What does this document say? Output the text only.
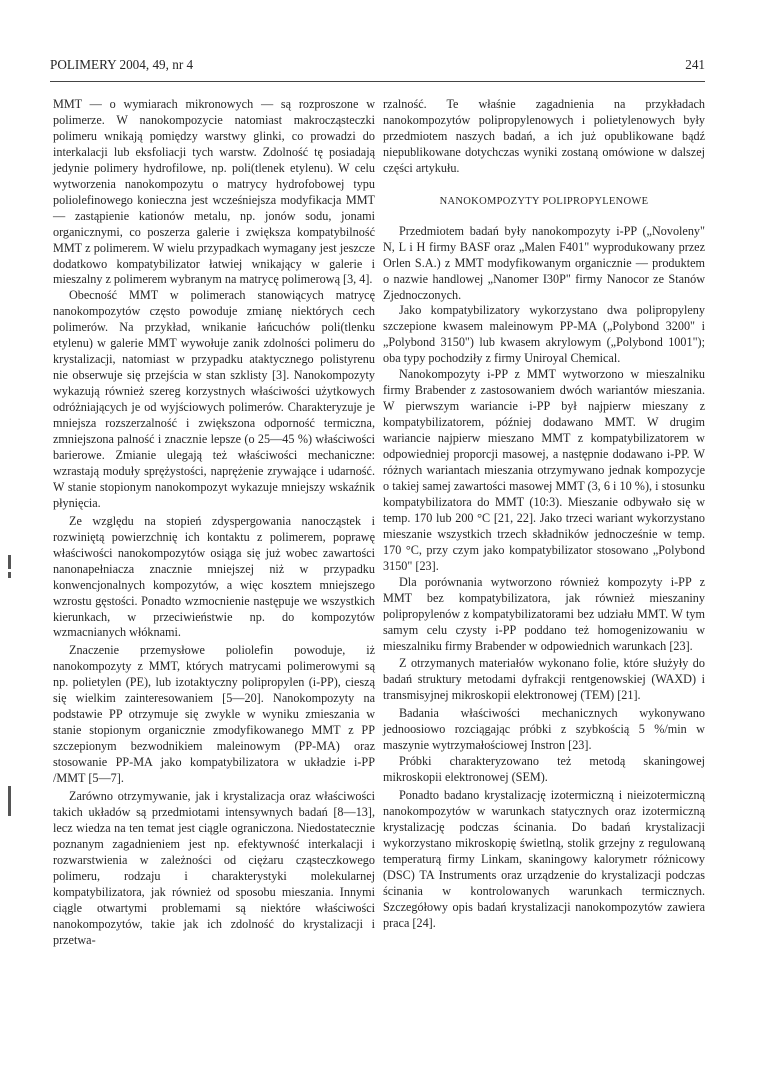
POLIMERY 2004, 49, nr 4	241

MMT — o wymiarach mikronowych — są rozproszone w polimerze. W nanokompozycie natomiast makrocząsteczki polimeru wnikają pomiędzy warstwy glinki, co prowadzi do interkalacji lub eksfoliacji tych warstw. Zdolność tę posiadają jedynie polimery hydrofilowe, np. poli(tlenek etylenu). W celu wytworzenia nanokompozytu o matrycy hydrofobowej typu poliolefinowego konieczna jest wcześniejsza modyfikacja MMT — zastąpienie kationów metalu, np. jonów sodu, jonami organicznymi, co poszerza galerie i zwiększa kompatybilność MMT z polimerem. W wielu przypadkach wymagany jest jeszcze dodatkowo kompatybilizator łatwiej wnikający w galerie i mieszalny z polimerem wybranym na matrycę polimerową [3, 4].

Obecność MMT w polimerach stanowiących matrycę nanokompozytów często powoduje zmianę niektórych cech polimerów. Na przykład, wnikanie łańcuchów poli(tlenku etylenu) w galerie MMT wywołuje zanik zdolności polimeru do krystalizacji, natomiast w przypadku ataktycznego polistyrenu nie obserwuje się przejścia w stan szklisty [3]. Nanokompozyty wykazują również szereg korzystnych właściwości użytkowych odróżniających je od wyjściowych polimerów. Charakteryzuje je mniejsza rozszerzalność i zwiększona odporność termiczna, zmniejszona palność i znacznie lepsze (o 25—45 %) właściwości barierowe. Zmianie ulegają też właściwości mechaniczne: wzrastają moduły sprężystości, naprężenie zrywające i udarność. W stanie stopionym nanokompozyt wykazuje mniejszy wskaźnik płynięcia.

Ze względu na stopień zdyspergowania nanocząstek i rozwiniętą powierzchnię ich kontaktu z polimerem, poprawę właściwości nanokompozytów osiąga się już wobec zawartości nanonapełniacza znacznie mniejszej niż w przypadku konwencjonalnych kompozytów, a więc kosztem mniejszego wzrostu gęstości. Ponadto wzmocnienie następuje we wszystkich kierunkach, w przeciwieństwie np. do kompozytów wzmacnianych włóknami.

Znaczenie przemysłowe poliolefin powoduje, iż nanokompozyty z MMT, których matrycami polimerowymi są np. polietylen (PE), lub izotaktyczny polipropylen (i-PP), cieszą się wielkim zainteresowaniem [5—20]. Nanokompozyty na podstawie PP otrzymuje się zwykle w wyniku zmieszania w stanie stopionym organicznie zmodyfikowanego MMT z PP szczepionym bezwodnikiem maleinowym (PP-MA) oraz stosowanie PP-MA jako kompatybilizatora w układzie i-PP /MMT [5—7].

Zarówno otrzymywanie, jak i krystalizacja oraz właściwości takich układów są przedmiotami intensywnych badań [8—13], lecz wiedza na ten temat jest ciągle ograniczona. Niedostatecznie poznanym zagadnieniem jest np. efektywność interkalacji i rozwarstwienia w zależności od ciężaru cząsteczkowego polimeru, rodzaju i charakterystyki molekularnej kompatybilizatora, jak również od sposobu mieszania. Innymi ciągle otwartymi problemami są niektóre właściwości nanokompozytów, takie jak ich zdolność do krystalizacji i przetwa-

rzalność. Te właśnie zagadnienia na przykładach nanokompozytów polipropylenowych i polietylenowych były przedmiotem naszych badań, a ich już opublikowane bądź niepublikowane dotychczas wyniki zostaną omówione w dalszej części artykułu.

NANOKOMPOZYTY POLIPROPYLENOWE

Przedmiotem badań były nanokompozyty i-PP („Novoleny" N, L i H firmy BASF oraz „Malen F401" wyprodukowany przez Orlen S.A.) z MMT modyfikowanym organicznie — produktem o nazwie handlowej „Nanomer I30P" firmy Nanocor ze Stanów Zjednoczonych.

Jako kompatybilizatory wykorzystano dwa polipropyleny szczepione kwasem maleinowym PP-MA („Polybond 3200" i „Polybond 3150") lub kwasem akrylowym („Polybond 1001"); oba typy pochodziły z firmy Uniroyal Chemical.

Nanokompozyty i-PP z MMT wytworzono w mieszalniku firmy Brabender z zastosowaniem dwóch wariantów mieszania. W pierwszym wariancie i-PP był najpierw mieszany z kompatybilizatorem, później dodawano MMT. W drugim wariancie najpierw mieszano MMT z kompatybilizatorem w odpowiedniej proporcji masowej, a następnie dodawano i-PP. W różnych wariantach mieszania otrzymywano jednak kompozycje o takiej samej zawartości masowej MMT (3, 6 i 10 %), i stosunku kompatybilizatora do MMT (10:3). Mieszanie odbywało się w temp. 170 lub 200 °C [21, 22]. Jako trzeci wariant wykorzystano mieszanie wszystkich trzech składników jednocześnie w temp. 170 °C, przy czym jako kompatybilizator stosowano „Polybond 3150" [23].

Dla porównania wytworzono również kompozyty i-PP z MMT bez kompatybilizatora, jak również mieszaniny polipropylenów z kompatybilizatorami bez udziału MMT. W tym samym celu czysty i-PP poddano też homogenizowaniu w mieszalniku firmy Brabender w odpowiednich warunkach [23].

Z otrzymanych materiałów wykonano folie, które służyły do badań struktury metodami dyfrakcji rentgenowskiej (WAXD) i transmisyjnej mikroskopii elektronowej (TEM) [21].

Badania właściwości mechanicznych wykonywano jednoosiowo rozciągając próbki z szybkością 5 %/min w maszynie wytrzymałościowej Instron [23].

Próbki charakteryzowano też metodą skaningowej mikroskopii elektronowej (SEM).

Ponadto badano krystalizację izotermiczną i nieizotermiczną nanokompozytów w warunkach statycznych oraz izotermiczną krystalizację podczas ścinania. Do badań krystalizacji wykorzystano mikroskopię świetlną, stolik grzejny z regulowaną temperaturą firmy Linkam, skaningowy kalorymetr różnicowy (DSC) TA Instruments oraz urządzenie do krystalizacji podczas ścinania w kontrolowanych warunkach termicznych. Szczegółowy opis badań krystalizacji nanokompozytów zawiera praca [24].
